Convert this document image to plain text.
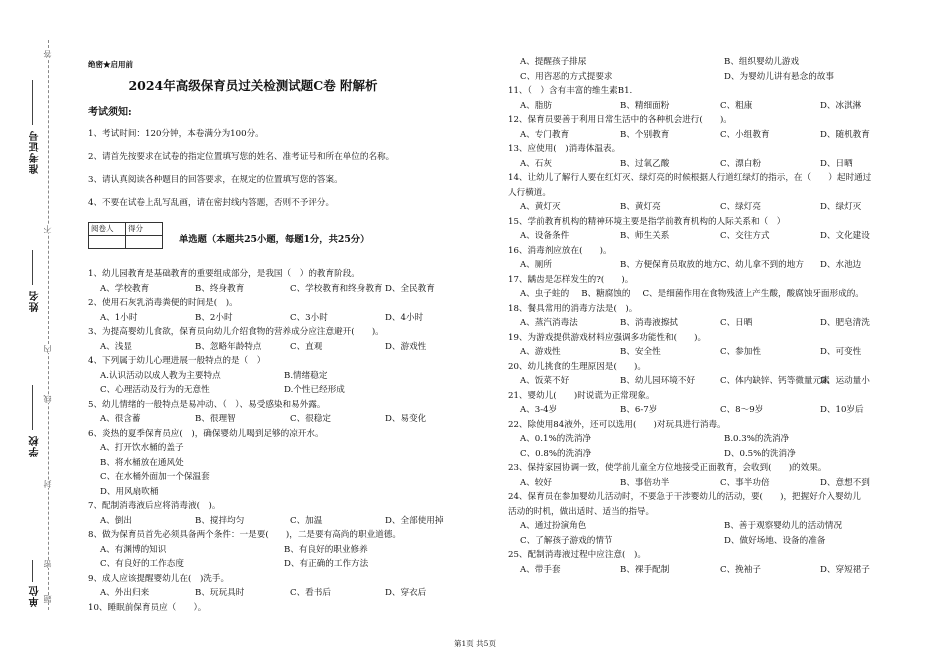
答
准考证号
不
姓名
内
线
学校
封
密
单位 题
绝密★启用前
2024年高级保育员过关检测试题C卷 附解析
考试须知:

1、考试时间：120分钟，本卷满分为100分。

2、请首先按要求在试卷的指定位置填写您的姓名、准考证号和所在单位的名称。

3、请认真阅读各种题目的回答要求，在规定的位置填写您的答案。

4、不要在试卷上乱写乱画，请在密封线内答题，否则不予评分。

阅卷人	得分

单选题（本题共25小题，每题1分，共25分）
1、幼儿园教育是基础教育的重要组成部分，是我国（　）的教育阶段。
A、学校教育	B、终身教育	C、学校教育和终身教育 D、全民教育
2、使用石灰乳消毒粪便的时间是(　)。
A、1小时	B、2小时	C、3小时	D、4小时
3、为提高婴幼儿食欲，保育员向幼儿介绍食物的营养成分应注意避开(　　)。
A、浅显	B、忽略年龄特点	C、直观	D、游戏性
4、下列属于幼儿心理进展一般特点的是（　）
A.认识活动以成人教为主要特点	B.情绪稳定
C、心理活动及行为的无意性	D.个性已经形成
5、幼儿情绪的一般特点是易冲动、（　）、易受感染和易外露。
A、很含蓄	B、很理智	C、很稳定	D、易变化
6、炎热的夏季保育员应(　)，确保婴幼儿喝到足够的凉开水。
A、打开饮水桶的盖子
B、将水桶放在通风处
C、在水桶外面加一个保温套
D、用风扇吹桶
7、配制消毒液后应将消毒液(　)。
A、倒出	B、搅拌均匀	C、加温	D、全部使用掉
8、做为保育员首先必须具备两个条件：一是要(　　)，二是要有高尚的职业道德。
A、有渊博的知识	B、有良好的职业修养
C、有良好的工作态度	D、有正确的工作方法
9、成人应该提醒婴幼儿在(　)洗手。
A、外出归来	B、玩玩具时	C、看书后	D、穿衣后
10、睡眠前保育员应（　　）。
A、提醒孩子排尿	B、组织婴幼儿游戏
C、用咨恶的方式提要求	D、为婴幼儿讲有悬念的故事
11、（　）含有丰富的维生素B1.
A、脂肪	B、精细面粉	C、粗康	D、冰淇淋
12、保育员要善于利用日常生活中的各种机会进行(　　)。
A、专门教育	B、个别教育	C、小组教育	D、随机教育
13、应使用(　)消毒体温表。
A、石灰	B、过氧乙酸	C、漂白粉	D、日晒
14、让幼儿了解行人要在红灯灭、绿灯亮的时候根据人行道红绿灯的指示，在（　　）起时通过
人行横道。
A、黄灯灭	B、黄灯亮	C、绿灯亮	D、绿灯灭
15、学前教育机构的精神环境主要是指学前教育机构的人际关系和（　）
A、设备条件	B、师生关系	C、交往方式	D、文化建设
16、消毒剂应放在(　　)。
A、厕所	B、方便保育员取放的地方 C、幼儿拿不到的地方	D、水池边
17、龋齿是怎样发生的?(　　)。
A、虫子蛀的 B、糖腐蚀的 C、是细菌作用在食物残渣上产生酸，酸腐蚀牙面形成的。
18、餐具常用的消毒方法是(　)。
A、蒸汽消毒法	B、消毒液擦拭	C、日晒	D、肥皂清洗
19、为游戏提供游戏材料应强调多功能性和(　　)。
A、游戏性	B、安全性	C、参加性	D、可变性
20、幼儿挑食的生理原因是(　　)。
A、饭菜不好	B、幼儿园环境不好	C、体内缺锌、钙等微量元素
D、运动量小
21、婴幼儿(　　)时说谎为正常现象。
A、3-4岁	B、6-7岁	C、8～9岁	D、10岁后
22、除使用84液外，还可以选用(　　)对玩具进行消毒。
A、0.1%的洗消净	B.0.3%的洗消净
C、0.8%的洗消净	D、0.5%的洗消净
23、保持家园协调一致，使学前儿童全方位地接受正面教育，会收到(　　)的效果。
A、较好	B、事倍功半	C、事半功倍	D、意想不到
24、保育员在参加婴幼儿活动时，不要急于干涉婴幼儿的活动，要(　　)，把握好介入婴幼儿
活动的时机，做出适时、适当的指导。
A、通过扮演角色	B、善于观察婴幼儿的活动情况
C、了解孩子游戏的情节	D、做好场地、设备的准备
25、配制消毒液过程中应注意(　)。
A、带手套	B、裸手配制	C、挽袖子	D、穿短裙子
第1页 共5页
